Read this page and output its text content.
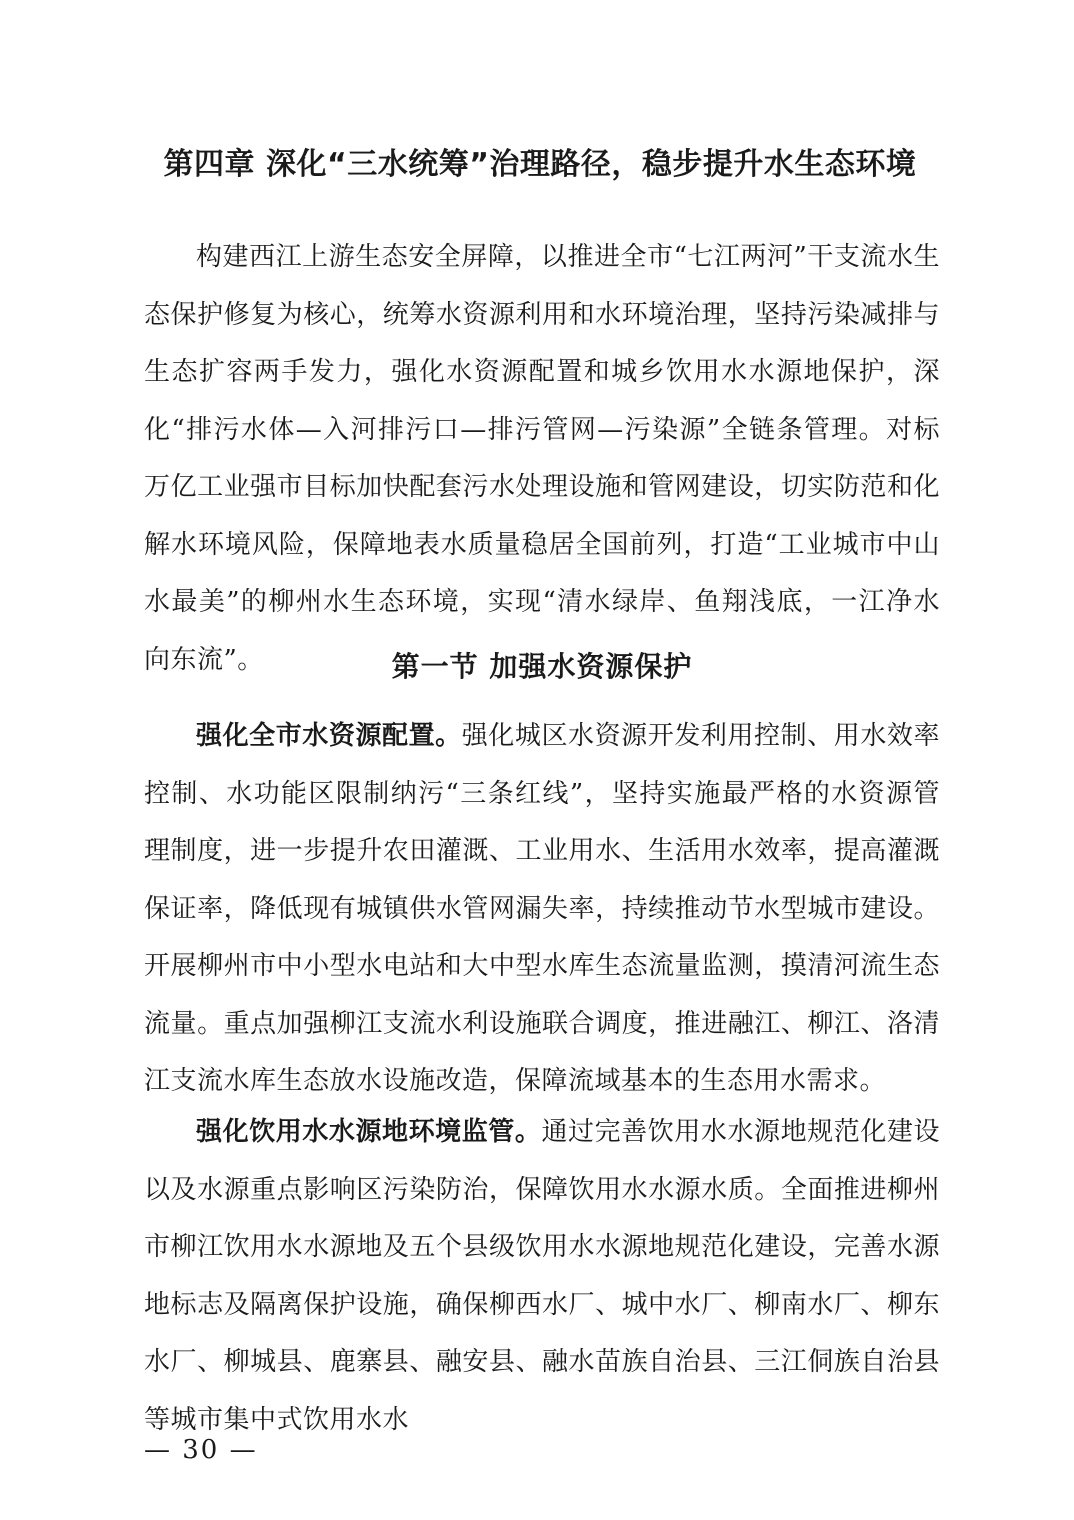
第四章 深化“三水统筹”治理路径，稳步提升水生态环境

构建西江上游生态安全屏障，以推进全市“七江两河”干支流水生态保护修复为核心，统筹水资源利用和水环境治理，坚持污染减排与生态扩容两手发力，强化水资源配置和城乡饮用水水源地保护，深化“排污水体—入河排污口—排污管网—污染源”全链条管理。对标万亿工业强市目标加快配套污水处理设施和管网建设，切实防范和化解水环境风险，保障地表水质量稳居全国前列，打造“工业城市中山水最美”的柳州水生态环境，实现“清水绿岸、鱼翔浅底，一江净水向东流”。	第一节 加强水资源保护

强化全市水资源配置。强化城区水资源开发利用控制、用水效率控制、水功能区限制纳污“三条红线”，坚持实施最严格的水资源管理制度，进一步提升农田灌溉、工业用水、生活用水效率，提高灌溉保证率，降低现有城镇供水管网漏失率，持续推动节水型城市建设。开展柳州市中小型水电站和大中型水库生态流量监测，摸清河流生态流量。重点加强柳江支流水利设施联合调度，推进融江、柳江、洛清江支流水库生态放水设施改造，保障流域基本的生态用水需求。

强化饮用水水源地环境监管。通过完善饮用水水源地规范化建设以及水源重点影响区污染防治，保障饮用水水源水质。全面推进柳州市柳江饮用水水源地及五个县级饮用水水源地规范化建设，完善水源地标志及隔离保护设施，确保柳西水厂、城中水厂、柳南水厂、柳东水厂、柳城县、鹿寨县、融安县、融水苗族自治县、三江侗族自治县等城市集中式饮用水水

— 30 —
